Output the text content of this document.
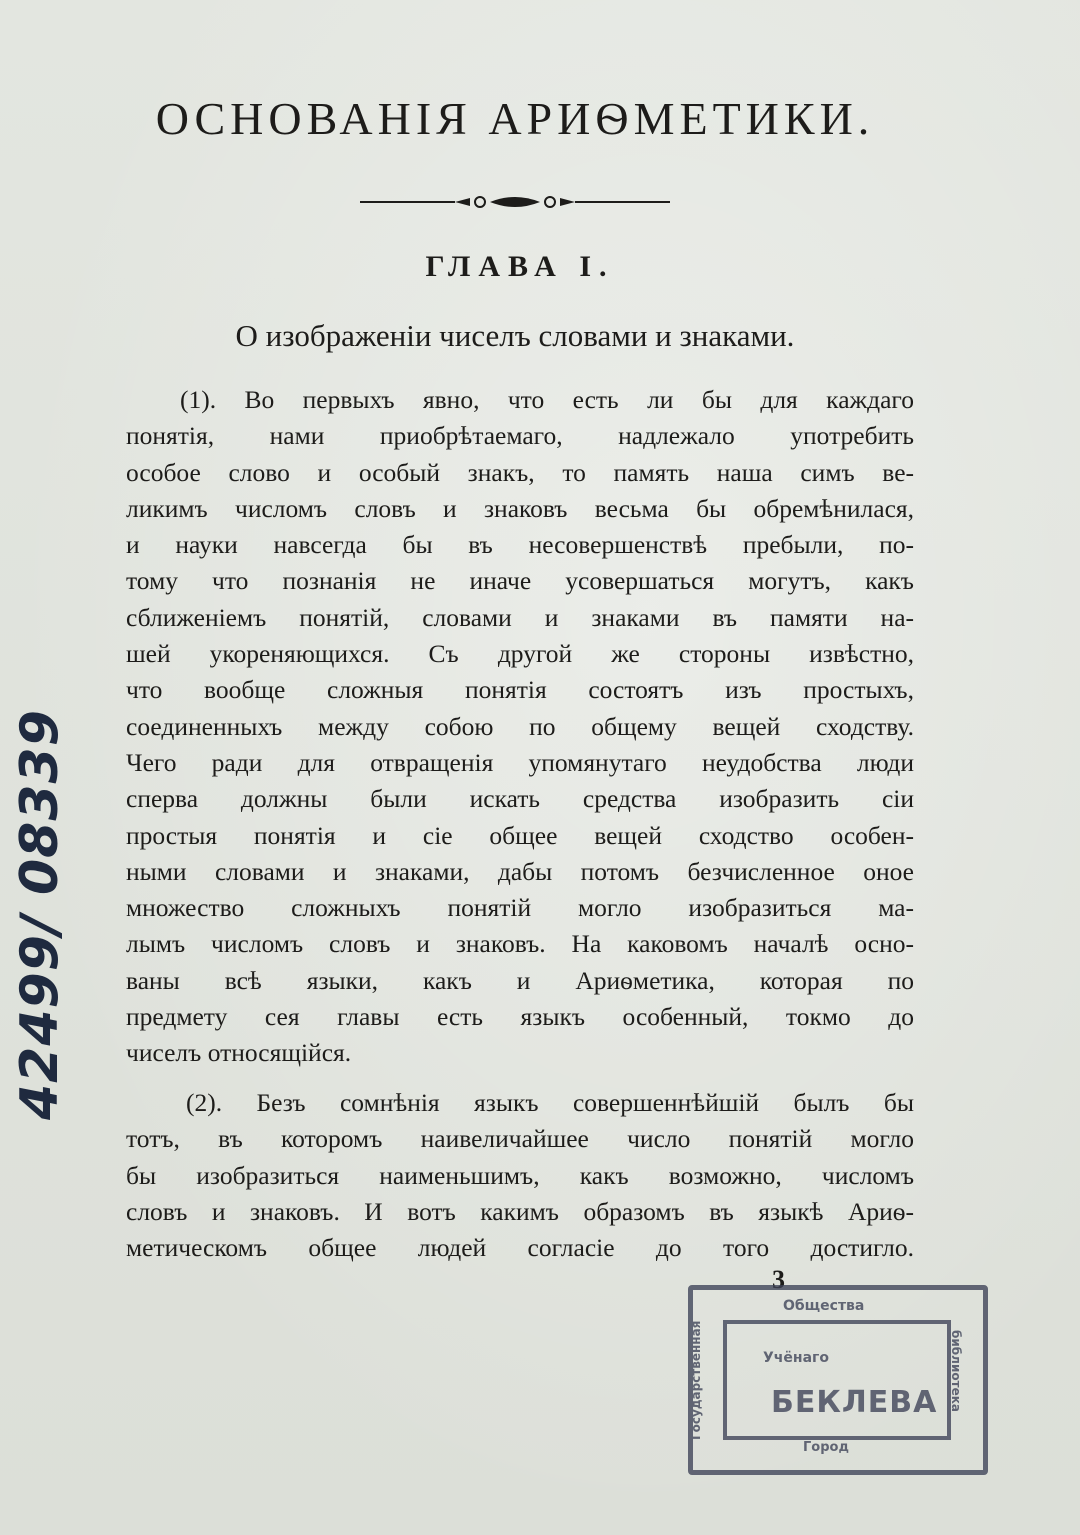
ОСНОВАНІЯ АРИѲМЕТИКИ.
ГЛАВА I.
О изображеніи чиселъ словами и знаками.
(1). Во первыхъ явно, что есть ли бы для каждаго
понятія, нами приобрѣтаемаго, надлежало употребить
особое слово и особый знакъ, то память наша симъ ве-
ликимъ числомъ словъ и знаковъ весьма бы обремѣнилася,
и науки навсегда бы въ несовершенствѣ пребыли, по-
тому что познанія не иначе усовершаться могутъ, какъ
сближеніемъ понятій, словами и знаками въ памяти на-
шей укореняющихся. Съ другой же стороны извѣстно,
что вообще сложныя понятія состоятъ изъ простыхъ,
соединенныхъ между собою по общему вещей сходству.
Чего ради для отвращенія упомянутаго неудобства люди
сперва должны были искать средства изобразить сіи
простыя понятія и сіе общее вещей сходство особен-
ными словами и знаками, дабы потомъ безчисленное оное
множество сложныхъ понятій могло изобразиться ма-
лымъ числомъ словъ и знаковъ. На каковомъ началѣ осно-
ваны всѣ языки, какъ и Ариѳметика, которая по
предмету сея главы есть языкъ особенный, токмо до
чиселъ относящійся.
(2). Безъ сомнѣнія языкъ совершеннѣйшій былъ бы
тотъ, въ которомъ наивеличайшее число понятій могло
бы изобразиться наименьшимъ, какъ возможно, числомъ
словъ и знаковъ. И вотъ какимъ образомъ въ языкѣ Ариѳ-
метическомъ общее людей согласіе до того достигло.
3
42499/ 08339
Общества
Учёнаго
БЕКЛЕВА
Город
Государственная	библиотека
